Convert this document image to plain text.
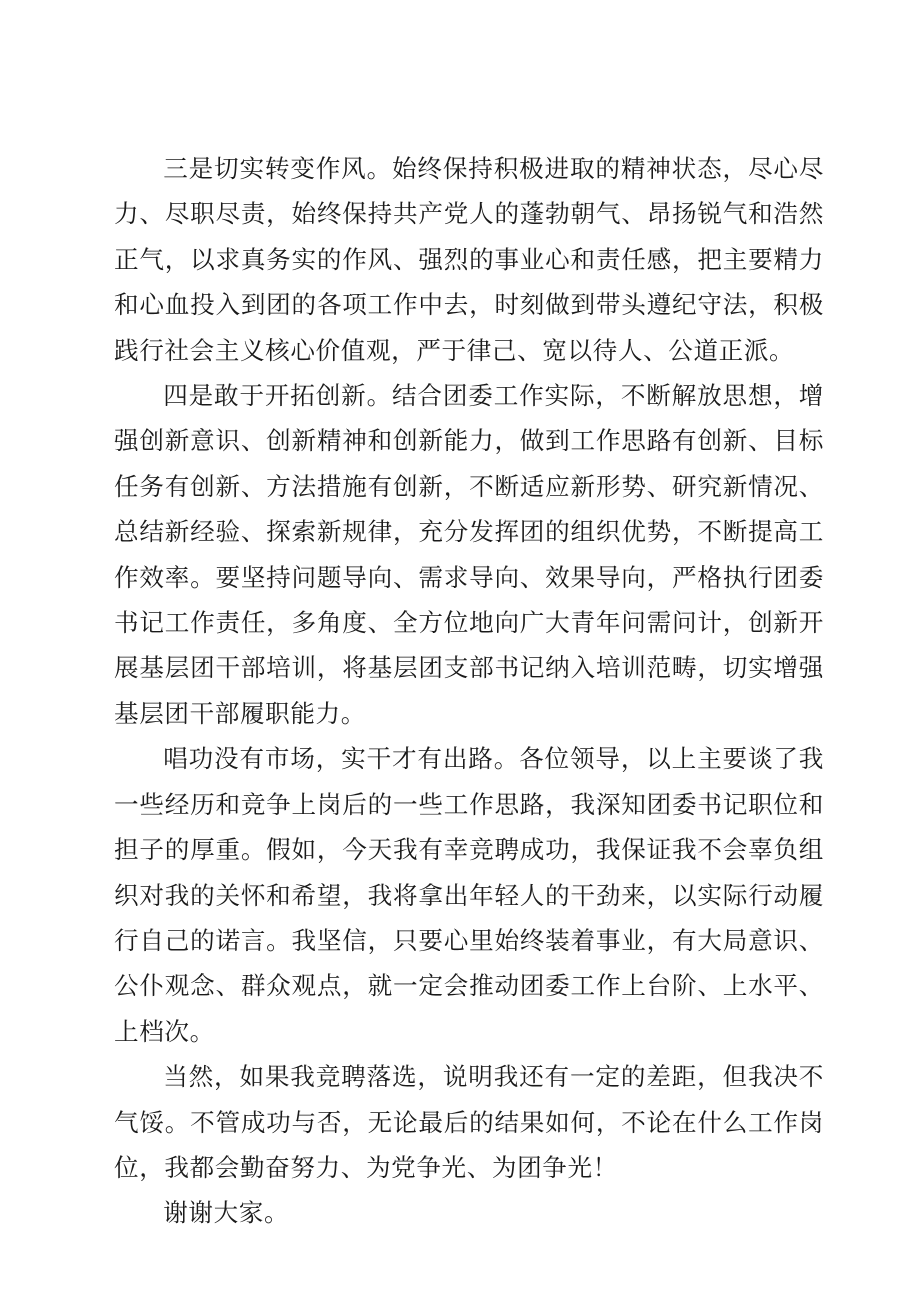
三是切实转变作风。始终保持积极进取的精神状态，尽心尽力、尽职尽责，始终保持共产党人的蓬勃朝气、昂扬锐气和浩然正气，以求真务实的作风、强烈的事业心和责任感，把主要精力和心血投入到团的各项工作中去，时刻做到带头遵纪守法，积极践行社会主义核心价值观，严于律己、宽以待人、公道正派。

四是敢于开拓创新。结合团委工作实际，不断解放思想，增强创新意识、创新精神和创新能力，做到工作思路有创新、目标任务有创新、方法措施有创新，不断适应新形势、研究新情况、总结新经验、探索新规律，充分发挥团的组织优势，不断提高工作效率。要坚持问题导向、需求导向、效果导向，严格执行团委书记工作责任，多角度、全方位地向广大青年问需问计，创新开展基层团干部培训，将基层团支部书记纳入培训范畴，切实增强基层团干部履职能力。

唱功没有市场，实干才有出路。各位领导，以上主要谈了我一些经历和竞争上岗后的一些工作思路，我深知团委书记职位和担子的厚重。假如，今天我有幸竞聘成功，我保证我不会辜负组织对我的关怀和希望，我将拿出年轻人的干劲来，以实际行动履行自己的诺言。我坚信，只要心里始终装着事业，有大局意识、公仆观念、群众观点，就一定会推动团委工作上台阶、上水平、上档次。

当然，如果我竞聘落选，说明我还有一定的差距，但我决不气馁。不管成功与否，无论最后的结果如何，不论在什么工作岗位，我都会勤奋努力、为党争光、为团争光！

谢谢大家。
